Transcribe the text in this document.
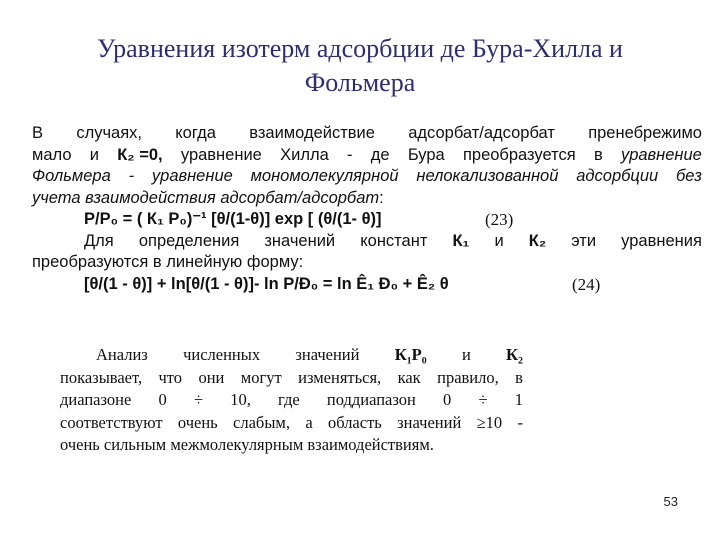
Уравнения изотерм адсорбции де Бура-Хилла и
Фольмера
В случаях, когда взаимодействие адсорбат/адсорбат пренебрежимо
мало и К₂ =0, уравнение Хилла - де Бура преобразуется в уравнение
Фольмера - уравнение мономолекулярной нелокализованной адсорбции без
учета взаимодействия адсорбат/адсорбат:
P/P₀ = ( К₁ P₀)⁻¹ [θ/(1-θ)] exp [ (θ/(1- θ)]	(23)
Для определения значений констант К₁ и К₂ эти уравнения
преобразуются в линейную форму:
[θ/(1 - θ)] + ln[θ/(1 - θ)]- ln P/Đ₀ = ln Ê₁ Đ₀ + Ê₂ θ	(24)
Анализ численных значений К₁P₀ и К₂
показывает, что они могут изменяться, как правило, в
диапазоне 0 ÷ 10, где поддиапазон 0 ÷ 1
соответствуют очень слабым, а область значений ≥10 -
очень сильным межмолекулярным взаимодействиям.
53
